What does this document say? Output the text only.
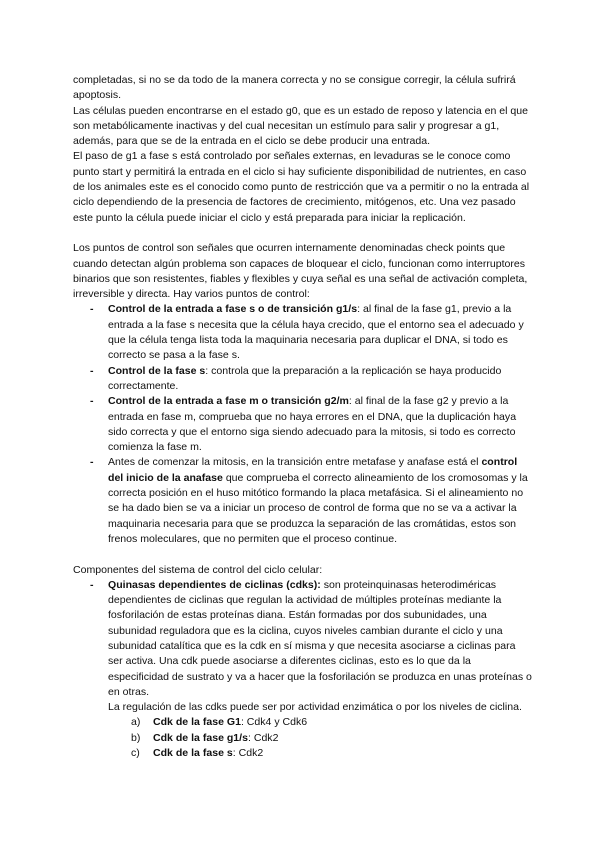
completadas, si no se da todo de la manera correcta y no se consigue corregir, la célula sufrirá apoptosis.

Las células pueden encontrarse en el estado g0, que es un estado de reposo y latencia en el que son metabólicamente inactivas y del cual necesitan un estímulo para salir y progresar a g1, además, para que se de la entrada en el ciclo se debe producir una entrada.

El paso de g1 a fase s está controlado por señales externas, en levaduras se le conoce como punto start y permitirá la entrada en el ciclo si hay suficiente disponibilidad de nutrientes, en caso de los animales este es el conocido como punto de restricción que va a permitir o no la entrada al ciclo dependiendo de la presencia de factores de crecimiento, mitógenos, etc. Una vez pasado este punto la célula puede iniciar el ciclo y está preparada para iniciar la replicación.

Los puntos de control son señales que ocurren internamente denominadas check points que cuando detectan algún problema son capaces de bloquear el ciclo, funcionan como interruptores binarios que son resistentes, fiables y flexibles y cuya señal es una señal de activación completa, irreversible y directa. Hay varios puntos de control:

- Control de la entrada a fase s o de transición g1/s: al final de la fase g1, previo a la entrada a la fase s necesita que la célula haya crecido, que el entorno sea el adecuado y que la célula tenga lista toda la maquinaria necesaria para duplicar el DNA, si todo es correcto se pasa a la fase s.
- Control de la fase s: controla que la preparación a la replicación se haya producido correctamente.
- Control de la entrada a fase m o transición g2/m: al final de la fase g2 y previo a la entrada en fase m, comprueba que no haya errores en el DNA, que la duplicación haya sido correcta y que el entorno siga siendo adecuado para la mitosis, si todo es correcto comienza la fase m.
- Antes de comenzar la mitosis, en la transición entre metafase y anafase está el control del inicio de la anafase que comprueba el correcto alineamiento de los cromosomas y la correcta posición en el huso mitótico formando la placa metafásica. Si el alineamiento no se ha dado bien se va a iniciar un proceso de control de forma que no se va a activar la maquinaria necesaria para que se produzca la separación de las cromátidas, estos son frenos moleculares, que no permiten que el proceso continue.

Componentes del sistema de control del ciclo celular:

- Quinasas dependientes de ciclinas (cdks): son proteinquinasas heterodiméricas dependientes de ciclinas que regulan la actividad de múltiples proteínas mediante la fosforilación de estas proteínas diana. Están formadas por dos subunidades, una subunidad reguladora que es la ciclina, cuyos niveles cambian durante el ciclo y una subunidad catalítica que es la cdk en sí misma y que necesita asociarse a ciclinas para ser activa. Una cdk puede asociarse a diferentes ciclinas, esto es lo que da la especificidad de sustrato y va a hacer que la fosforilación se produzca en unas proteínas o en otras.

La regulación de las cdks puede ser por actividad enzimática o por los niveles de ciclina.

a) Cdk de la fase G1: Cdk4 y Cdk6
b) Cdk de la fase g1/s: Cdk2
c) Cdk de la fase s: Cdk2
